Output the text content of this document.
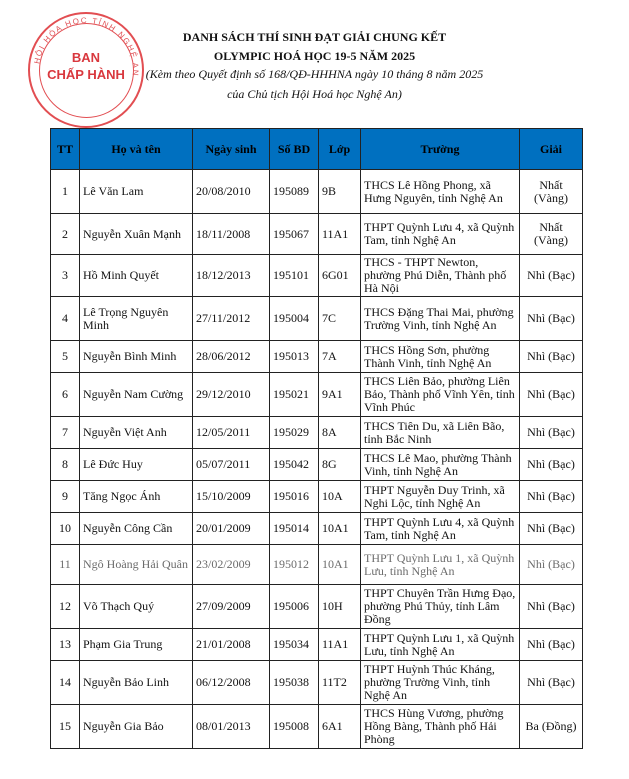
HỘI HÓA HỌC TỈNH NGHỆ AN
BAN
CHẤP HÀNH
DANH SÁCH THÍ SINH ĐẠT GIẢI CHUNG KẾT
OLYMPIC HOÁ HỌC 19-5 NĂM 2025
(Kèm theo Quyết định số 168/QĐ-HHHNA ngày 10 tháng 8 năm 2025
của Chủ tịch Hội Hoá học Nghệ An)
TT	Họ và tên	Ngày sinh	Số BD	Lớp	Trường	Giải
1	Lê Văn Lam	20/08/2010	195089	9B	THCS Lê Hồng Phong, xã Hưng Nguyên, tỉnh Nghệ An	Nhất (Vàng)
2	Nguyễn Xuân Mạnh	18/11/2008	195067	11A1	THPT Quỳnh Lưu 4, xã Quỳnh Tam, tỉnh Nghệ An	Nhất (Vàng)
3	Hồ Minh Quyết	18/12/2013	195101	6G01	THCS - THPT Newton, phường Phú Diễn, Thành phố Hà Nội	Nhì (Bạc)
4	Lê Trọng Nguyên Minh	27/11/2012	195004	7C	THCS Đặng Thai Mai, phường Trường Vinh, tỉnh Nghệ An	Nhì (Bạc)
5	Nguyễn Bình Minh	28/06/2012	195013	7A	THCS Hồng Sơn, phường Thành Vinh, tỉnh Nghệ An	Nhì (Bạc)
6	Nguyễn Nam Cường	29/12/2010	195021	9A1	THCS Liên Bảo, phường Liên Bảo, Thành phố Vĩnh Yên, tỉnh Vĩnh Phúc	Nhì (Bạc)
7	Nguyễn Việt Anh	12/05/2011	195029	8A	THCS Tiên Du, xã Liên Bão, tỉnh Bắc Ninh	Nhì (Bạc)
8	Lê Đức Huy	05/07/2011	195042	8G	THCS Lê Mao, phường Thành Vinh, tỉnh Nghệ An	Nhì (Bạc)
9	Tăng Ngọc Ánh	15/10/2009	195016	10A	THPT Nguyễn Duy Trinh, xã Nghi Lộc, tỉnh Nghệ An	Nhì (Bạc)
10	Nguyễn Công Cần	20/01/2009	195014	10A1	THPT Quỳnh Lưu 4, xã Quỳnh Tam, tỉnh Nghệ An	Nhì (Bạc)
11	Ngô Hoàng Hải Quân	23/02/2009	195012	10A1	THPT Quỳnh Lưu 1, xã Quỳnh Lưu, tỉnh Nghệ An	Nhì (Bạc)
12	Võ Thạch Quý	27/09/2009	195006	10H	THPT Chuyên Trần Hưng Đạo, phường Phú Thủy, tỉnh Lâm Đồng	Nhì (Bạc)
13	Phạm Gia Trung	21/01/2008	195034	11A1	THPT Quỳnh Lưu 1, xã Quỳnh Lưu, tỉnh Nghệ An	Nhì (Bạc)
14	Nguyễn Bảo Linh	06/12/2008	195038	11T2	THPT Huỳnh Thúc Kháng, phường Trường Vinh, tỉnh Nghệ An	Nhì (Bạc)
15	Nguyễn Gia Bảo	08/01/2013	195008	6A1	THCS Hùng Vương, phường Hồng Bàng, Thành phố Hải Phòng	Ba (Đồng)
